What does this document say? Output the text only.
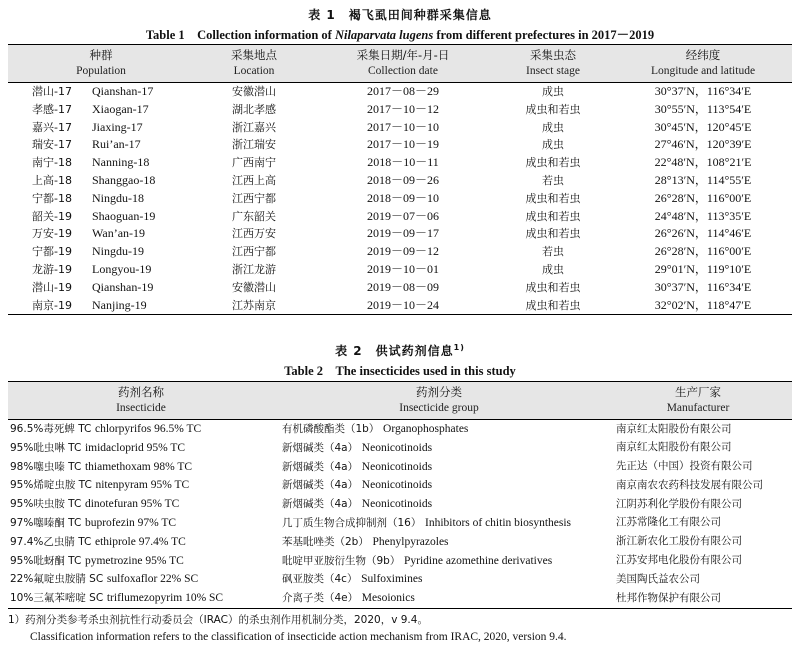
表 1　褐飞虱田间种群采集信息
Table 1　Collection information of Nilaparvata lugens from different prefectures in 2017－2019
种群	采集地点	采集日期/年-月-日	采集虫态	经纬度
Population	Location	Collection date	Insect stage	Longitude and latitude
潜山-17 Qianshan-17	安徽潜山	2017－08－29	成虫	30°37′N，116°34′E
孝感-17 Xiaogan-17	湖北孝感	2017－10－12	成虫和若虫	30°55′N，113°54′E
嘉兴-17 Jiaxing-17	浙江嘉兴	2017－10－10	成虫	30°45′N，120°45′E
瑞安-17 Rui’an-17	浙江瑞安	2017－10－19	成虫	27°46′N，120°39′E
南宁-18 Nanning-18	广西南宁	2018－10－11	成虫和若虫	22°48′N，108°21′E
上高-18 Shanggao-18	江西上高	2018－09－26	若虫	28°13′N，114°55′E
宁都-18 Ningdu-18	江西宁都	2018－09－10	成虫和若虫	26°28′N，116°00′E
韶关-19 Shaoguan-19	广东韶关	2019－07－06	成虫和若虫	24°48′N，113°35′E
万安-19 Wan’an-19	江西万安	2019－09－17	成虫和若虫	26°26′N，114°46′E
宁都-19 Ningdu-19	江西宁都	2019－09－12	若虫	26°28′N，116°00′E
龙游-19 Longyou-19	浙江龙游	2019－10－01	成虫	29°01′N，119°10′E
潜山-19 Qianshan-19	安徽潜山	2019－08－09	成虫和若虫	30°37′N，116°34′E
南京-19 Nanjing-19	江苏南京	2019－10－24	成虫和若虫	32°02′N，118°47′E
表 2　供试药剂信息$^{1)}$
Table 2　The insecticides used in this study
药剂名称	药剂分类	生产厂家
Insecticide	Insecticide group	Manufacturer
96.5%毒死蜱 TC chlorpyrifos 96.5% TC	有机磷酸酯类（1b） Organophosphates	南京红太阳股份有限公司
95%吡虫啉 TC imidacloprid 95% TC	新烟碱类（4a） Neonicotinoids	南京红太阳股份有限公司
98%噻虫嗪 TC thiamethoxam 98% TC	新烟碱类（4a） Neonicotinoids	先正达（中国）投资有限公司
95%烯啶虫胺 TC nitenpyram 95% TC	新烟碱类（4a） Neonicotinoids	南京南农农药科技发展有限公司
95%呋虫胺 TC dinotefuran 95% TC	新烟碱类（4a） Neonicotinoids	江阴苏利化学股份有限公司
97%噻嗪酮 TC buprofezin 97% TC	几丁质生物合成抑制剂（16） Inhibitors of chitin biosynthesis	江苏常隆化工有限公司
97.4%乙虫腈 TC ethiprole 97.4% TC	苯基吡唑类（2b） Phenylpyrazoles	浙江新农化工股份有限公司
95%吡蚜酮 TC pymetrozine 95% TC	吡啶甲亚胺衍生物（9b） Pyridine azomethine derivatives	江苏安邦电化股份有限公司
22%氟啶虫胺腈 SC sulfoxaflor 22% SC	砜亚胺类（4c） Sulfoximines	美国陶氏益农公司
10%三氟苯嘧啶 SC triflumezopyrim 10% SC	介离子类（4e） Mesoionics	杜邦作物保护有限公司
1）药剂分类参考杀虫剂抗性行动委员会（IRAC）的杀虫剂作用机制分类，2020，v 9.4。
Classification information refers to the classification of insecticide action mechanism from IRAC, 2020, version 9.4.
